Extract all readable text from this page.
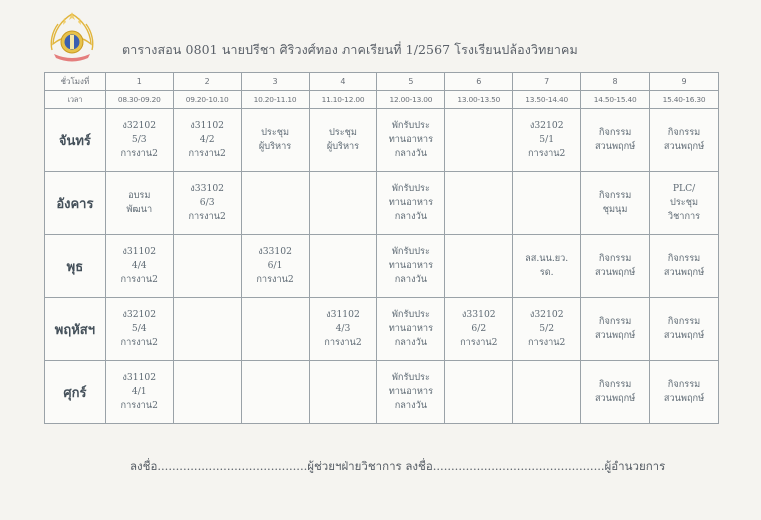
ตารางสอน 0801 นายปรีชา ศิริวงศ์ทอง ภาคเรียนที่ 1/2567 โรงเรียนปล้องวิทยาคม
ชั่วโมงที่	1	2	3	4	5	6	7	8	9
เวลา	08.30-09.20	09.20-10.10	10.20-11.10	11.10-12.00	12.00-13.00	13.00-13.50	13.50-14.40	14.50-15.40	15.40-16.30
จันทร์	ง32102
5/3
การงาน2	ง31102
4/2
การงาน2	ประชุม
ผู้บริหาร	ประชุม
ผู้บริหาร	พักรับประ
ทานอาหาร
กลางวัน		ง32102
5/1
การงาน2	กิจกรรม
สวนพฤกษ์	กิจกรรม
สวนพฤกษ์

อังคาร	อบรม
พัฒนา	ง33102
6/3
การงาน2			พักรับประ
ทานอาหาร
กลางวัน			กิจกรรม
ชุมนุม	PLC/
ประชุม
วิชาการ

พุธ	ง31102
4/4
การงาน2		ง33102
6/1
การงาน2		พักรับประ
ทานอาหาร
กลางวัน		ลส.นน.ยว.
รด.	กิจกรรม
สวนพฤกษ์	กิจกรรม
สวนพฤกษ์

พฤหัสฯ	ง32102
5/4
การงาน2			ง31102
4/3
การงาน2	พักรับประ
ทานอาหาร
กลางวัน	ง33102
6/2
การงาน2	ง32102
5/2
การงาน2	กิจกรรม
สวนพฤกษ์	กิจกรรม
สวนพฤกษ์

ศุกร์	ง31102
4/1
การงาน2				พักรับประ
ทานอาหาร
กลางวัน			กิจกรรม
สวนพฤกษ์	กิจกรรม
สวนพฤกษ์
ลงชื่อ.........................................ผู้ช่วยฯฝ่ายวิชาการ ลงชื่อ...............................................ผู้อำนวยการ
